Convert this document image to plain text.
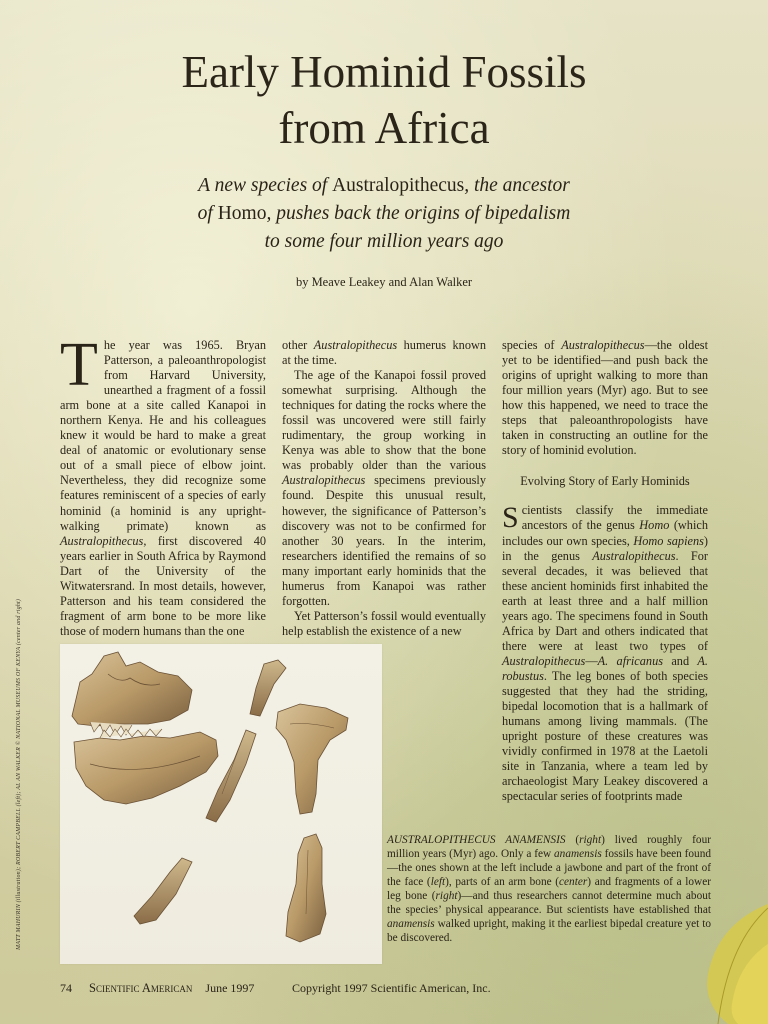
Early Hominid Fossils
from Africa
A new species of Australopithecus, the ancestor
of Homo, pushes back the origins of bipedalism
to some four million years ago
by Meave Leakey and Alan Walker

The year was 1965. Bryan Patterson, a paleoanthropologist from Harvard University, unearthed a fragment of a fossil arm bone at a site called Kanapoi in northern Kenya. He and his colleagues knew it would be hard to make a great deal of anatomic or evolutionary sense out of a small piece of elbow joint. Nevertheless, they did recognize some features reminiscent of a species of early hominid (a hominid is any upright-walking primate) known as Australopithecus, first discovered 40 years earlier in South Africa by Raymond Dart of the University of the Witwatersrand. In most details, however, Patterson and his team considered the fragment of arm bone to be more like those of modern humans than the one

other Australopithecus humerus known at the time.

The age of the Kanapoi fossil proved somewhat surprising. Although the techniques for dating the rocks where the fossil was uncovered were still fairly rudimentary, the group working in Kenya was able to show that the bone was probably older than the various Australopithecus specimens previously found. Despite this unusual result, however, the significance of Patterson’s discovery was not to be confirmed for another 30 years. In the interim, researchers identified the remains of so many important early hominids that the humerus from Kanapoi was rather forgotten.

Yet Patterson’s fossil would eventually help establish the existence of a new

species of Australopithecus—the oldest yet to be identified—and push back the origins of upright walking to more than four million years (Myr) ago. But to see how this happened, we need to trace the steps that paleoanthropologists have taken in constructing an outline for the story of hominid evolution.

Evolving Story of Early Hominids

Scientists classify the immediate ancestors of the genus Homo (which includes our own species, Homo sapiens) in the genus Australopithecus. For several decades, it was believed that these ancient hominids first inhabited the earth at least three and a half million years ago. The specimens found in South Africa by Dart and others indicated that there were at least two types of Australopithecus—A. africanus and A. robustus. The leg bones of both species suggested that they had the striding, bipedal locomotion that is a hallmark of humans among living mammals. (The upright posture of these creatures was vividly confirmed in 1978 at the Laetoli site in Tanzania, where a team led by archaeologist Mary Leakey discovered a spectacular series of footprints made

AUSTRALOPITHECUS ANAMENSIS (right) lived roughly four million years (Myr) ago. Only a few anamensis fossils have been found—the ones shown at the left include a jawbone and part of the front of the face (left), parts of an arm bone (center) and fragments of a lower leg bone (right)—and thus researchers cannot determine much about the species’ physical appearance. But scientists have established that anamensis walked upright, making it the earliest bipedal creature yet to be discovered.

MATT MAHURIN (illustration); ROBERT CAMPBELL (left); AL AN WALKER © NATIONAL MUSEUMS OF KENYA (center and right)
74 Scientific American June 1997	Copyright 1997 Scientific American, Inc.
